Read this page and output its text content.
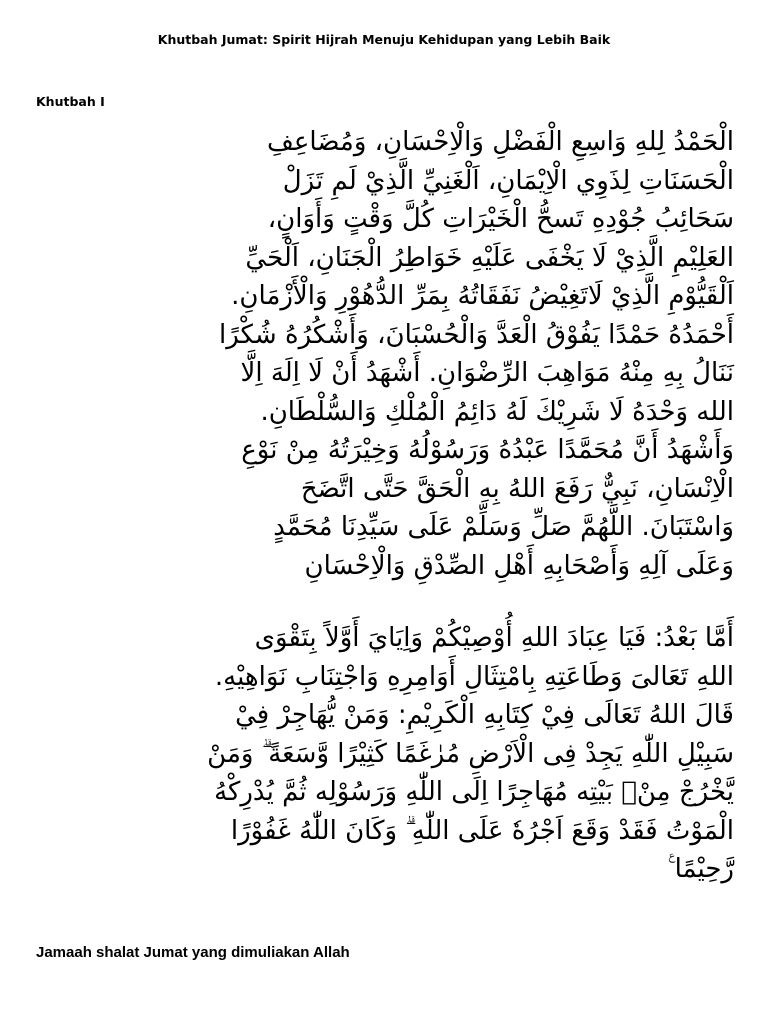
Khutbah Jumat: Spirit Hijrah Menuju Kehidupan yang Lebih Baik
Khutbah I
الْحَمْدُ لِلهِ وَاسِعِ الْفَضْلِ وَالْاِحْسَانِ، وَمُضَاعِفِ
الْحَسَنَاتِ لِذَوِي الْاِيْمَانِ، اَلْغَنِيِّ الَّذِيْ لَمِ تَزَلْ
سَحَائِبُ جُوْدِهِ تَسحُّ الْخَيْرَاتِ كُلَّ وَقْتٍ وَأَوَانٍ،
العَلِيْمِ الَّذِيْ لَا يَخْفَى عَلَيْهِ خَوَاطِرُ الْجَنَانِ، اَلْحَيِّ
اَلْقَيُّوْمِ الَّذِيْ لَاتَغِيْضُ نَفَقَاتُهُ بِمَرِّ الدُّهُوْرِ وَالْأَزْمَانِ.
أَحْمَدُهُ حَمْدًا يَفُوْقُ الْعَدَّ وَالْحُسْبَانَ، وَأَشْكُرُهُ شُكْرًا
نَنَالُ بِهِ مِنْهُ مَوَاهِبَ الرِّضْوَانِ. أَشْهَدُ أَنْ لَا اِلَهَ اِلَّا
الله وَحْدَهُ لَا شَرِيْكَ لَهُ دَائِمُ الْمُلْكِ وَالسُّلْطَانِ.
وَأَشْهَدُ أَنَّ مُحَمَّدًا عَبْدُهُ وَرَسُوْلُهُ وَخِيْرَتُهُ مِنْ نَوْعِ
الْاِنْسَانِ، نَبِيٌّ رَفَعَ اللهُ بِهِ الْحَقَّ حَتَّى اتَّضَحَ
وَاسْتَبَانَ. اللَّهُمَّ صَلِّ وَسَلِّمْ عَلَى سَيِّدِنَا مُحَمَّدٍ
وَعَلَى آلِهِ وَأَصْحَابِهِ أَهْلِ الصِّدْقِ وَالْاِحْسَانِ
أَمَّا بَعْدُ: فَيَا عِبَادَ اللهِ أُوْصِيْكُمْ وَاِيَايَ أَوَّلاً بِتَقْوَى
اللهِ تَعَالىَ وَطَاعَتِهِ بِامْتِثَالِ أَوَامِرِهِ وَاجْتِنَابِ نَوَاهِيْهِ.
قَالَ اللهُ تَعَالَى فِيْ كِتَابِهِ الْكَرِيْمِ: وَمَنْ يُّهَاجِرْ فِيْ
سَبِيْلِ اللّٰهِ يَجِدْ فِى الْاَرْضِ مُرٰغَمًا كَثِيْرًا وَّسَعَةً ۗ وَمَنْ
يَّخْرُجْ مِنْۢ بَيْتِه مُهَاجِرًا اِلَى اللّٰهِ وَرَسُوْلِه ثُمَّ يُدْرِكْهُ
الْمَوْتُ فَقَدْ وَقَعَ اَجْرُهٗ عَلَى اللّٰهِ ۗ وَكَانَ اللّٰهُ غَفُوْرًا
رَّحِيْمًا ࣖ
Jamaah shalat Jumat yang dimuliakan Allah
